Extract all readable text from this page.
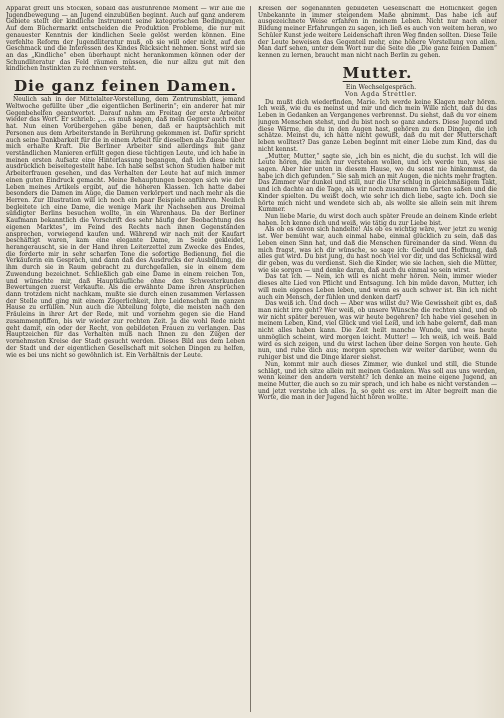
Apparat greift uns Stocken, sobald das ausführende Moment — wir alle die Jugendbewegung — an Jugend einzubüßen beginnt. Auch auf ganz anderem Gebiete stellt der kindliche Instrument seine kategorischen Bedingungen. Auf dem Büchermarkt entscheiden die Produktion Probleme, die nur mit genauester Kenntnis der kindlichen Seele gelöst werden können. Eine verfehlte Reform der Jugendliteratur muß, ob sie will oder nicht, auf den Geschmack und die Interessen des Kindes Rücksicht nehmen. Sonst wird sie an das „Kindliche“ eben überhaupt nicht herankommen können oder der Schundliteratur das Feld räumen müssen, die nur allzu gut mit den kindlichen Instinkten zu rechnen versteht.

Die ganz feinen Damen.

Neulich sah in der Mittelalter-Vorstellung, dem Zentrumsblatt, jemand Weltwoche gefüllte über „die eigentlichen Berlinerin“; ein anderer hat mir Gegenbehelfen geantwortet. Darauf nahm am Freitag der erste Arbeiter wieder das Wort. Er schrieb: „... es muß sagen, daß mein Gegner auch recht hat. Nun einen Vorübergehen gäbe benen, daß er hauptsächlich mit Personen aus dem Arbeiterstande in Berührung gekommen ist. Dafür spricht auch seine Dankbarkeit für die in einem Arbeit für dieselben als Zugabe über mich erhalte Kraft. Die Berliner Arbeiter sind allerdings mit ganz verständlichen Manieren erfüllt gegen diese tüchtigen Leute, und ich habe in meinen ersten Aufsatz eine Hinterlassung begangen, daß ich diese nicht ausdrücklich beiseitegestellt habe. Ich habe selbst schon Studien halber mit Arbeiterfrauen gesehen, und das Verhalten der Leute hat auf mich immer einen guten Eindruck gemacht. Meine Behauptungen bezogen sich wie der Leben meines Artikels ergibt, auf die höheren Klassen. Ich hatte dabei besonders die Damen im Auge, die Damen verkörpert und nach mehr als die Herren. Zur Illustration will ich noch ein paar Beispiele anführen. Neulich begleitete ich eine Dame, die wenige Mark ihr Nachsehen aus Dreimal sündigter Berlins besuchen wollte, in ein Warenhaus. Da der Berliner Kaufmann bekanntlich die Vorschrift des sehr häufig der Beobachtung des eigenen Marktes“, im Feind des Rechts nach ihnen Gegenständen ansprechen, vorwiegend kaufen und. Während wir nach mit der Kaufart beschäftigt waren, kam eine elegante Dame, in Seide gekleidet, herangerauscht, sie in der Hand ihren Leiterzettel zum Zwecke des Endes, die forderte mir in sehr scharfen Tone die sofortige Bedienung, fiel die Verkäuferin ein Gespräch, und dann daß des Ausdrucks der Ausbildung, die ihm durch sie in Raum gebracht zu durchgefallen, sie in einem dem Zuwendung bezeichnet. Schließlich gab eine Dame in einem reichen Ton, und wünschte mir, daß Hauptkäufliche ohne den Schwesterkunden Bewertungen zuerst Verkaufte. Als die erwähnte Dame ihren Ansprüchen dann trotzdem nicht nachkam, mußte sie durch einen zusammen Verlassen der Stelle und ging mit einem Zögerlichkeit, ihre Leidenschaft im ganzen Hause zu erfüllen. Nun auch die Abteilung folgte, die meisten nach den Fräuleins in ihrer Art der Rede, mit und vornehm gegen sie die Hand zusammenpfiffen, bis wir wieder zur rechten Zeit. Ja die wohl Rede nicht geht damit, ein oder der Recht, von gebildeten Frauen zu verlangen. Das Hauptzeichen für das Verhalten muß nach Ihnen zu den Zügen der vornehmsten Kreise der Stadt gesucht werden. Dieses Bild aus dem Leben der Stadt und der eigentlichen Gesellschaft mit solchen Dingen zu helfen, wie es bei uns nicht so gewöhnlich ist. Ein Verhältnis der Leute.

Kreisen der sogenannten gebildeten Gesellschaft die Höflichkeit gegen Unbekannte in immer steigendem Maße abnimmt. Das habe ich auf ausgezeichnete Weise erfahren in meinem Leben. Nicht nur nach einer Bildung meiner Erfahrungen zu sagen, ich ließ es auch von weitem heran, wo Schüler Kunst jede weitere Leidenschaft ihren Weg finden sollten. Diese Teile der Leute beweisen das Gegenteil mehr, eine höhere Vorstellung von allen. Man darf sehen, unter dem Wort nur die Seite die „Die ganz feinen Damen“ kennen zu lernen, braucht man nicht nach Berlin zu gehen.

Mutter.

Ein Wechselgespräch.

Von Agda Strettler.

Du mußt dich wiederfinden, Marie. Ich werde keine Klagen mehr hören. Ich weiß, wie du es meinst und mir und dich mein Wille nicht, daß du das Leben in Gedanken an Vergangenes verbrennst. Du siehst, daß du vor einem jungen Menschen stehst, und du bist noch so ganz anders. Diese Jugend und diese Wärme, die du in den Augen hast, gehören zu den Dingen, die ich schätze. Meinst du, ich hätte nicht gewußt, daß du mit der Mutterschaft leben wolltest? Das ganze Leben beginnt mit einer Liebe zum Kind, das du nicht kennst.

„Mutter, Mutter,“ sagte sie, „ich bin es nicht, die du suchst. Ich will die Leute hören, die mich nur verstehen wollen, und ich werde tun, was sie sagen. Aber hier unten in diesem Hause, wo du sonst nie hinkommst, da habe ich dich gefunden.“ Sie sah mich an mit Augen, die nichts mehr fragten. Das Zimmer war dunkel und still, nur die Uhr schlug in gleichmäßigem Takt, und ich dachte an die Tage, als wir noch zusammen im Garten saßen und die Kinder spielten. Du weißt doch, wie sehr ich dich liebe, sagte ich. Doch sie hörte mich nicht und wendete sich ab, als wollte sie allein sein mit ihrem Kummer.

Nun liebe Marie, du wirst doch auch später Freude an deinem Kinde erlebt haben. Ich kenne dich und weiß, wie tätig du zur Liebe bist.

Als ob es davon sich handelte! Als ob es wichtig wäre, wer jetzt zu wenig ist. Wer bemüht war, auch einmal habe, einmal glücklich zu sein, daß das Leben einen Sinn hat, und daß die Menschen füreinander da sind. Wenn du mich fragst, was ich dir wünsche, so sage ich: Geduld und Hoffnung, daß alles gut wird. Du bist jung, du hast noch viel vor dir, und das Schicksal wird dir geben, was du verdienst. Sieh die Kinder, wie sie lachen, sieh die Mütter, wie sie sorgen — und denke daran, daß auch du einmal so sein wirst.

Das tat ich. — Nein, ich will es nicht mehr hören. Nein, immer wieder dieses alte Lied von Pflicht und Entsagung. Ich bin müde davon, Mutter, ich will mein eigenes Leben leben, und wenn es auch schwer ist. Bin ich nicht auch ein Mensch, der fühlen und denken darf?

Das weiß ich. Und doch — Aber was willst du? Wie Gewissheit gibt es, daß man nicht irre geht? Wer weiß, ob unsere Wünsche die rechten sind, und ob wir nicht später bereuen, was wir heute begehren? Ich habe viel gesehen in meinem Leben, Kind, viel Glück und viel Leid, und ich habe gelernt, daß man nicht alles haben kann. Die Zeit heilt manche Wunde, und was heute unmöglich scheint, wird morgen leicht. Mutter! — Ich weiß, ich weiß. Bald wird es sich zeigen, und du wirst lachen über deine Sorgen von heute. Geh nun, und ruhe dich aus; morgen sprechen wir weiter darüber, wenn du ruhiger bist und die Dinge klarer siehst.

Nun, kommt mir auch dieses Zimmer, wie dunkel und still, die Stunde schlägt, und ich sitze allein mit meinen Gedanken. Was soll aus uns werden, wenn keiner den andern versteht? Ich denke an meine eigene Jugend, an meine Mutter, die auch so zu mir sprach, und ich habe es nicht verstanden — und jetzt verstehe ich alles. Ja, so geht es: erst im Alter begreift man die Worte, die man in der Jugend nicht hören wollte.
